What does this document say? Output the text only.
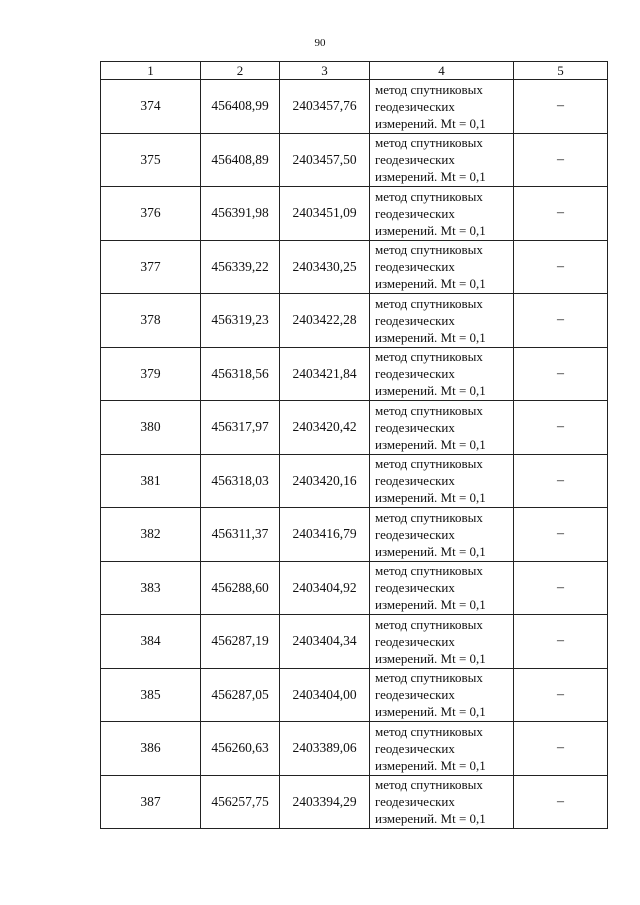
90
1	2	3	4	5
374	456408,99	2403457,76	метод спутниковых
геодезических
измерений. Mt = 0,1	–
375	456408,89	2403457,50	метод спутниковых
геодезических
измерений. Mt = 0,1	–
376	456391,98	2403451,09	метод спутниковых
геодезических
измерений. Mt = 0,1	–
377	456339,22	2403430,25	метод спутниковых
геодезических
измерений. Mt = 0,1	–
378	456319,23	2403422,28	метод спутниковых
геодезических
измерений. Mt = 0,1	–
379	456318,56	2403421,84	метод спутниковых
геодезических
измерений. Mt = 0,1	–
380	456317,97	2403420,42	метод спутниковых
геодезических
измерений. Mt = 0,1	–
381	456318,03	2403420,16	метод спутниковых
геодезических
измерений. Mt = 0,1	–
382	456311,37	2403416,79	метод спутниковых
геодезических
измерений. Mt = 0,1	–
383	456288,60	2403404,92	метод спутниковых
геодезических
измерений. Mt = 0,1	–
384	456287,19	2403404,34	метод спутниковых
геодезических
измерений. Mt = 0,1	–
385	456287,05	2403404,00	метод спутниковых
геодезических
измерений. Mt = 0,1	–
386	456260,63	2403389,06	метод спутниковых
геодезических
измерений. Mt = 0,1	–
387	456257,75	2403394,29	метод спутниковых
геодезических
измерений. Mt = 0,1	–
